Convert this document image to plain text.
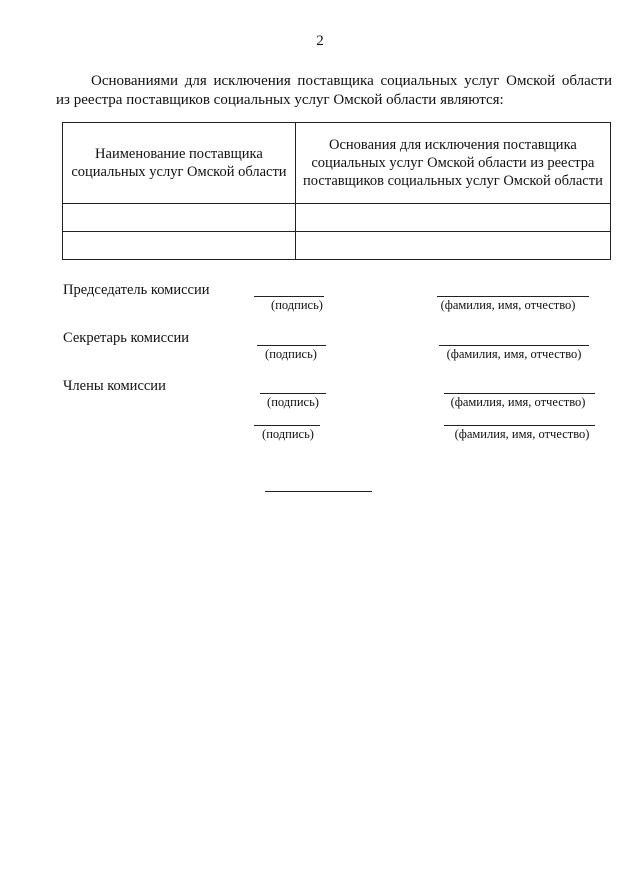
2
Основаниями для исключения поставщика социальных услуг Омской области
из реестра поставщиков социальных услуг Омской области являются:
Наименование поставщика социальных услуг Омской области	Основания для исключения поставщика социальных услуг Омской области из реестра поставщиков социальных услуг Омской области

Председатель комиссии
(подпись)	(фамилия, имя, отчество)
Секретарь комиссии
(подпись)	(фамилия, имя, отчество)
Члены комиссии
(подпись)	(фамилия, имя, отчество)
(подпись)	(фамилия, имя, отчество)
